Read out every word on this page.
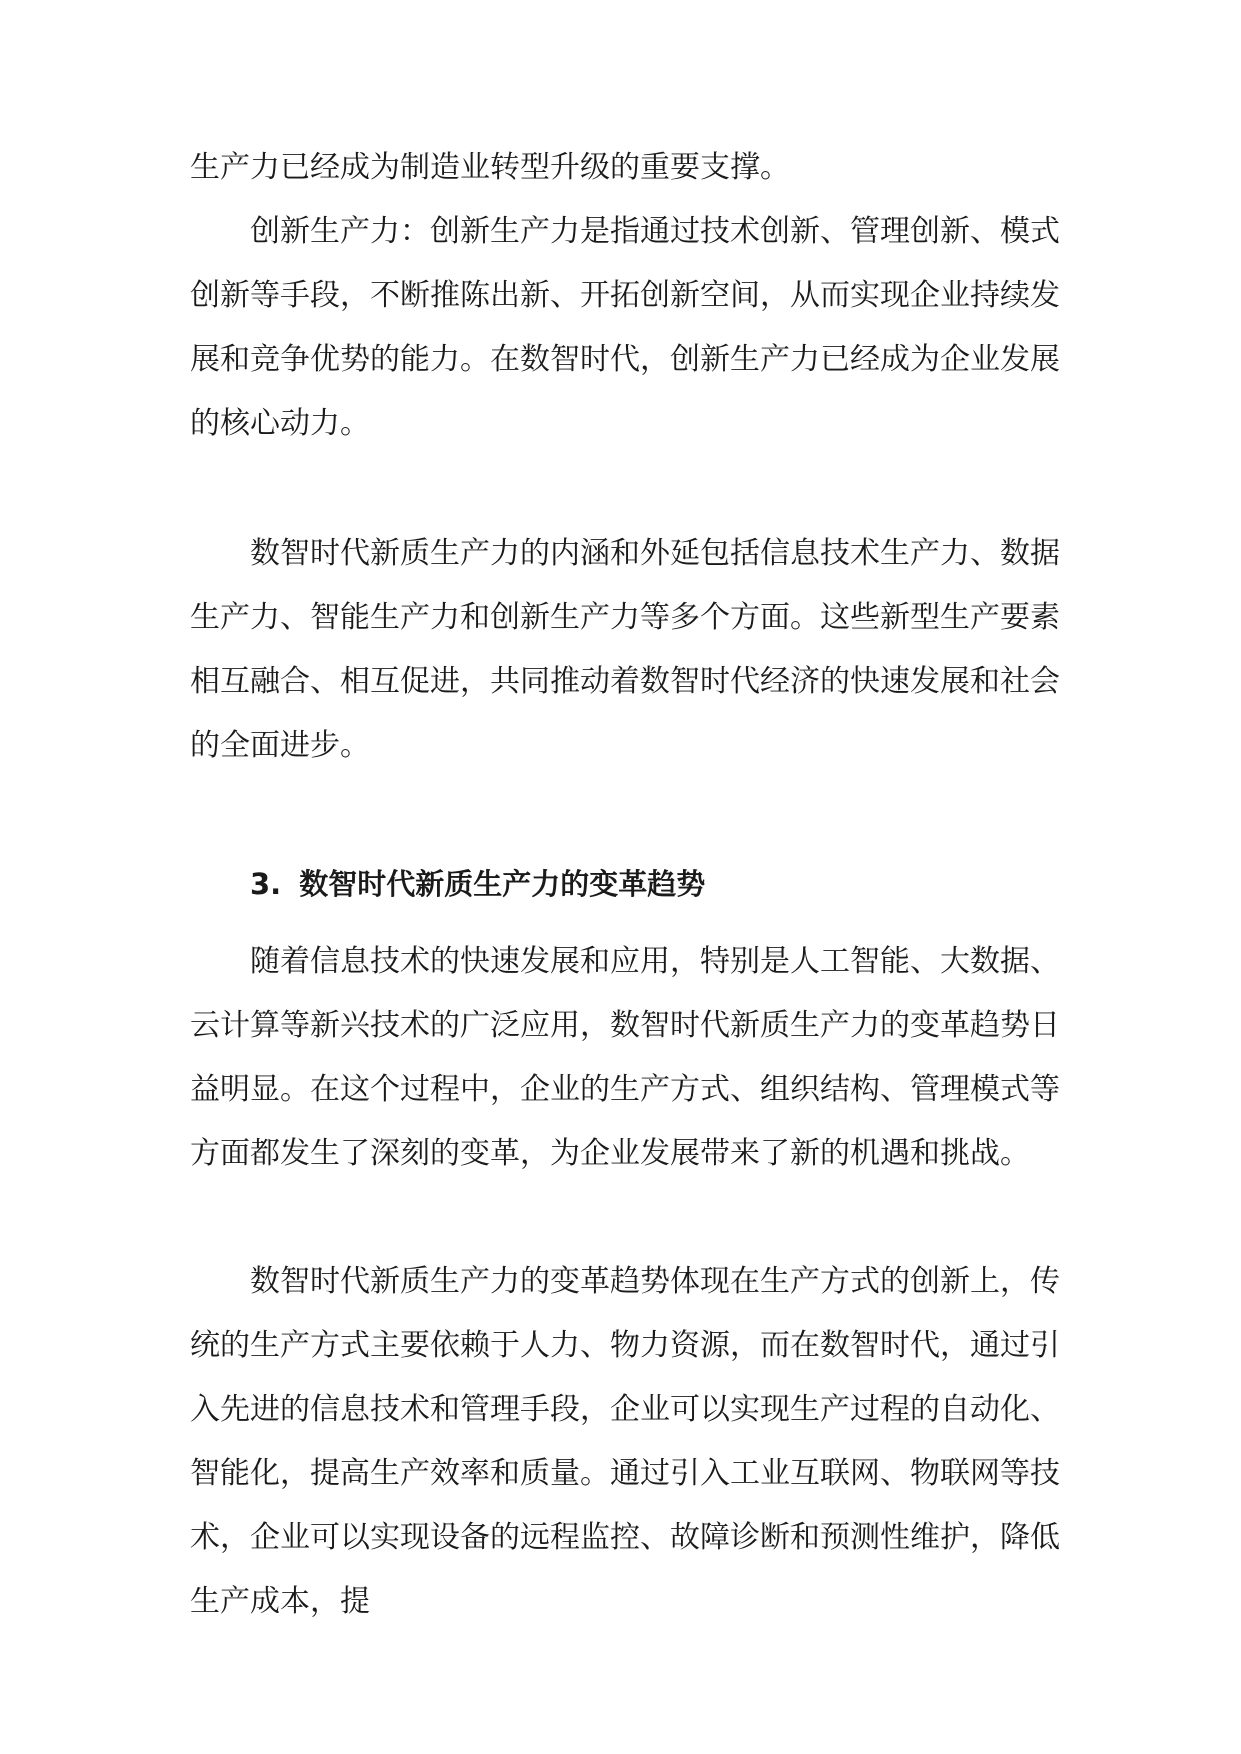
生产力已经成为制造业转型升级的重要支撑。
创新生产力：创新生产力是指通过技术创新、管理创新、模式创新等手段，不断推陈出新、开拓创新空间，从而实现企业持续发展和竞争优势的能力。在数智时代，创新生产力已经成为企业发展的核心动力。
数智时代新质生产力的内涵和外延包括信息技术生产力、数据生产力、智能生产力和创新生产力等多个方面。这些新型生产要素相互融合、相互促进，共同推动着数智时代经济的快速发展和社会的全面进步。
3. 数智时代新质生产力的变革趋势
随着信息技术的快速发展和应用，特别是人工智能、大数据、云计算等新兴技术的广泛应用，数智时代新质生产力的变革趋势日益明显。在这个过程中，企业的生产方式、组织结构、管理模式等方面都发生了深刻的变革，为企业发展带来了新的机遇和挑战。
数智时代新质生产力的变革趋势体现在生产方式的创新上，传统的生产方式主要依赖于人力、物力资源，而在数智时代，通过引入先进的信息技术和管理手段，企业可以实现生产过程的自动化、智能化，提高生产效率和质量。通过引入工业互联网、物联网等技术，企业可以实现设备的远程监控、故障诊断和预测性维护，降低生产成本，提
